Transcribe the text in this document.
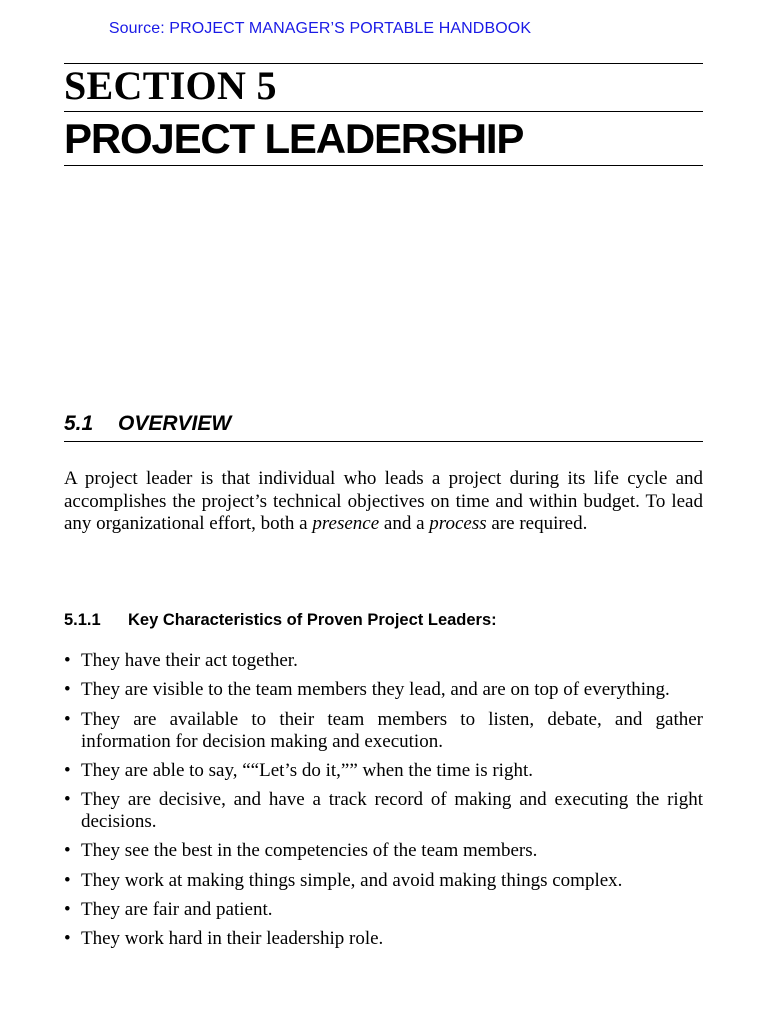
Source: PROJECT MANAGER’S PORTABLE HANDBOOK
SECTION 5
PROJECT LEADERSHIP
5.1 OVERVIEW
A project leader is that individual who leads a project during its life cycle and accomplishes the project’s technical objectives on time and within budget. To lead any organizational effort, both a presence and a process are required.
5.1.1 Key Characteristics of Proven Project Leaders:
• They have their act together.
• They are visible to the team members they lead, and are on top of everything.
• They are available to their team members to listen, debate, and gather information for decision making and execution.
• They are able to say, ““Let’s do it,”” when the time is right.
• They are decisive, and have a track record of making and executing the right decisions.
• They see the best in the competencies of the team members.
• They work at making things simple, and avoid making things complex.
• They are fair and patient.
• They work hard in their leadership role.
